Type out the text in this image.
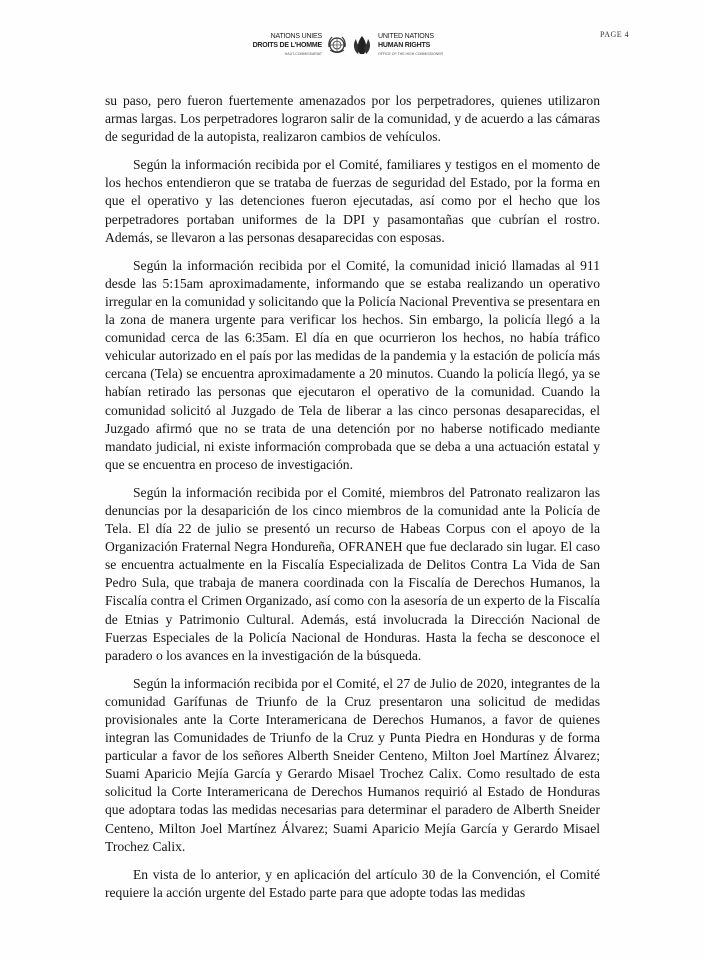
NATIONS UNIES
DROITS DE L'HOMME
HAUT-COMMISSARIAT
UNITED NATIONS
HUMAN RIGHTS
OFFICE OF THE HIGH COMMISSIONER
PAGE 4

su paso, pero fueron fuertemente amenazados por los perpetradores, quienes utilizaron armas largas. Los perpetradores lograron salir de la comunidad, y de acuerdo a las cámaras de seguridad de la autopista, realizaron cambios de vehículos.

Según la información recibida por el Comité, familiares y testigos en el momento de los hechos entendieron que se trataba de fuerzas de seguridad del Estado, por la forma en que el operativo y las detenciones fueron ejecutadas, así como por el hecho que los perpetradores portaban uniformes de la DPI y pasamontañas que cubrían el rostro. Además, se llevaron a las personas desaparecidas con esposas.

Según la información recibida por el Comité, la comunidad inició llamadas al 911 desde las 5:15am aproximadamente, informando que se estaba realizando un operativo irregular en la comunidad y solicitando que la Policía Nacional Preventiva se presentara en la zona de manera urgente para verificar los hechos. Sin embargo, la policía llegó a la comunidad cerca de las 6:35am. El día en que ocurrieron los hechos, no había tráfico vehicular autorizado en el país por las medidas de la pandemia y la estación de policía más cercana (Tela) se encuentra aproximadamente a 20 minutos. Cuando la policía llegó, ya se habían retirado las personas que ejecutaron el operativo de la comunidad. Cuando la comunidad solicitó al Juzgado de Tela de liberar a las cinco personas desaparecidas, el Juzgado afirmó que no se trata de una detención por no haberse notificado mediante mandato judicial, ni existe información comprobada que se deba a una actuación estatal y que se encuentra en proceso de investigación.

Según la información recibida por el Comité, miembros del Patronato realizaron las denuncias por la desaparición de los cinco miembros de la comunidad ante la Policía de Tela. El día 22 de julio se presentó un recurso de Habeas Corpus con el apoyo de la Organización Fraternal Negra Hondureña, OFRANEH que fue declarado sin lugar. El caso se encuentra actualmente en la Fiscalía Especializada de Delitos Contra La Vida de San Pedro Sula, que trabaja de manera coordinada con la Fiscalía de Derechos Humanos, la Fiscalía contra el Crimen Organizado, así como con la asesoría de un experto de la Fiscalía de Etnias y Patrimonio Cultural. Además, está involucrada la Dirección Nacional de Fuerzas Especiales de la Policía Nacional de Honduras. Hasta la fecha se desconoce el paradero o los avances en la investigación de la búsqueda.

Según la información recibida por el Comité, el 27 de Julio de 2020, integrantes de la comunidad Garífunas de Triunfo de la Cruz presentaron una solicitud de medidas provisionales ante la Corte Interamericana de Derechos Humanos, a favor de quienes integran las Comunidades de Triunfo de la Cruz y Punta Piedra en Honduras y de forma particular a favor de los señores Alberth Sneider Centeno, Milton Joel Martínez Álvarez; Suami Aparicio Mejía García y Gerardo Misael Trochez Calix. Como resultado de esta solicitud la Corte Interamericana de Derechos Humanos requirió al Estado de Honduras que adoptara todas las medidas necesarias para determinar el paradero de Alberth Sneider Centeno, Milton Joel Martínez Álvarez; Suami Aparicio Mejía García y Gerardo Misael Trochez Calix.

En vista de lo anterior, y en aplicación del artículo 30 de la Convención, el Comité requiere la acción urgente del Estado parte para que adopte todas las medidas
